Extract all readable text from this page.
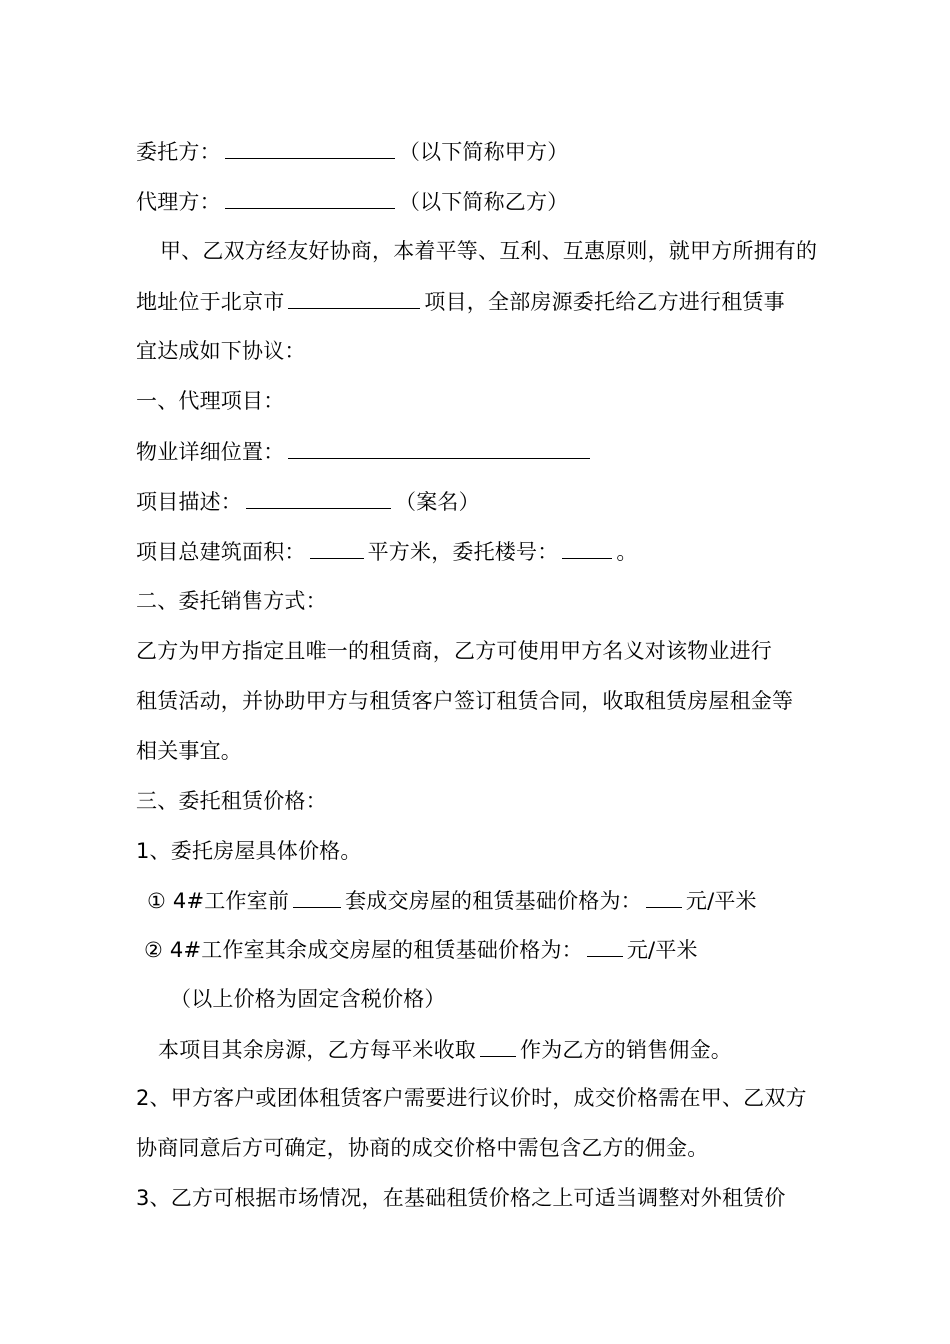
委托方：	（以下简称甲方）
代理方：	（以下简称乙方）
甲、乙双方经友好协商，本着平等、互利、互惠原则，就甲方所拥有的
地址位于北京市	项目，全部房源委托给乙方进行租赁事
宜达成如下协议：
一、代理项目：
物业详细位置：
项目描述：	（案名）
项目总建筑面积：	平方米，委托楼号：	。
二、委托销售方式：
乙方为甲方指定且唯一的租赁商，乙方可使用甲方名义对该物业进行
租赁活动，并协助甲方与租赁客户签订租赁合同，收取租赁房屋租金等
相关事宜。
三、委托租赁价格：
1、委托房屋具体价格。
① 4#工作室前	套成交房屋的租赁基础价格为： 元/平米
② 4#工作室其余成交房屋的租赁基础价格为： 元/平米
（以上价格为固定含税价格）
本项目其余房源，乙方每平米收取 作为乙方的销售佣金。
2、甲方客户或团体租赁客户需要进行议价时，成交价格需在甲、乙双方
协商同意后方可确定，协商的成交价格中需包含乙方的佣金。
3、乙方可根据市场情况，在基础租赁价格之上可适当调整对外租赁价
